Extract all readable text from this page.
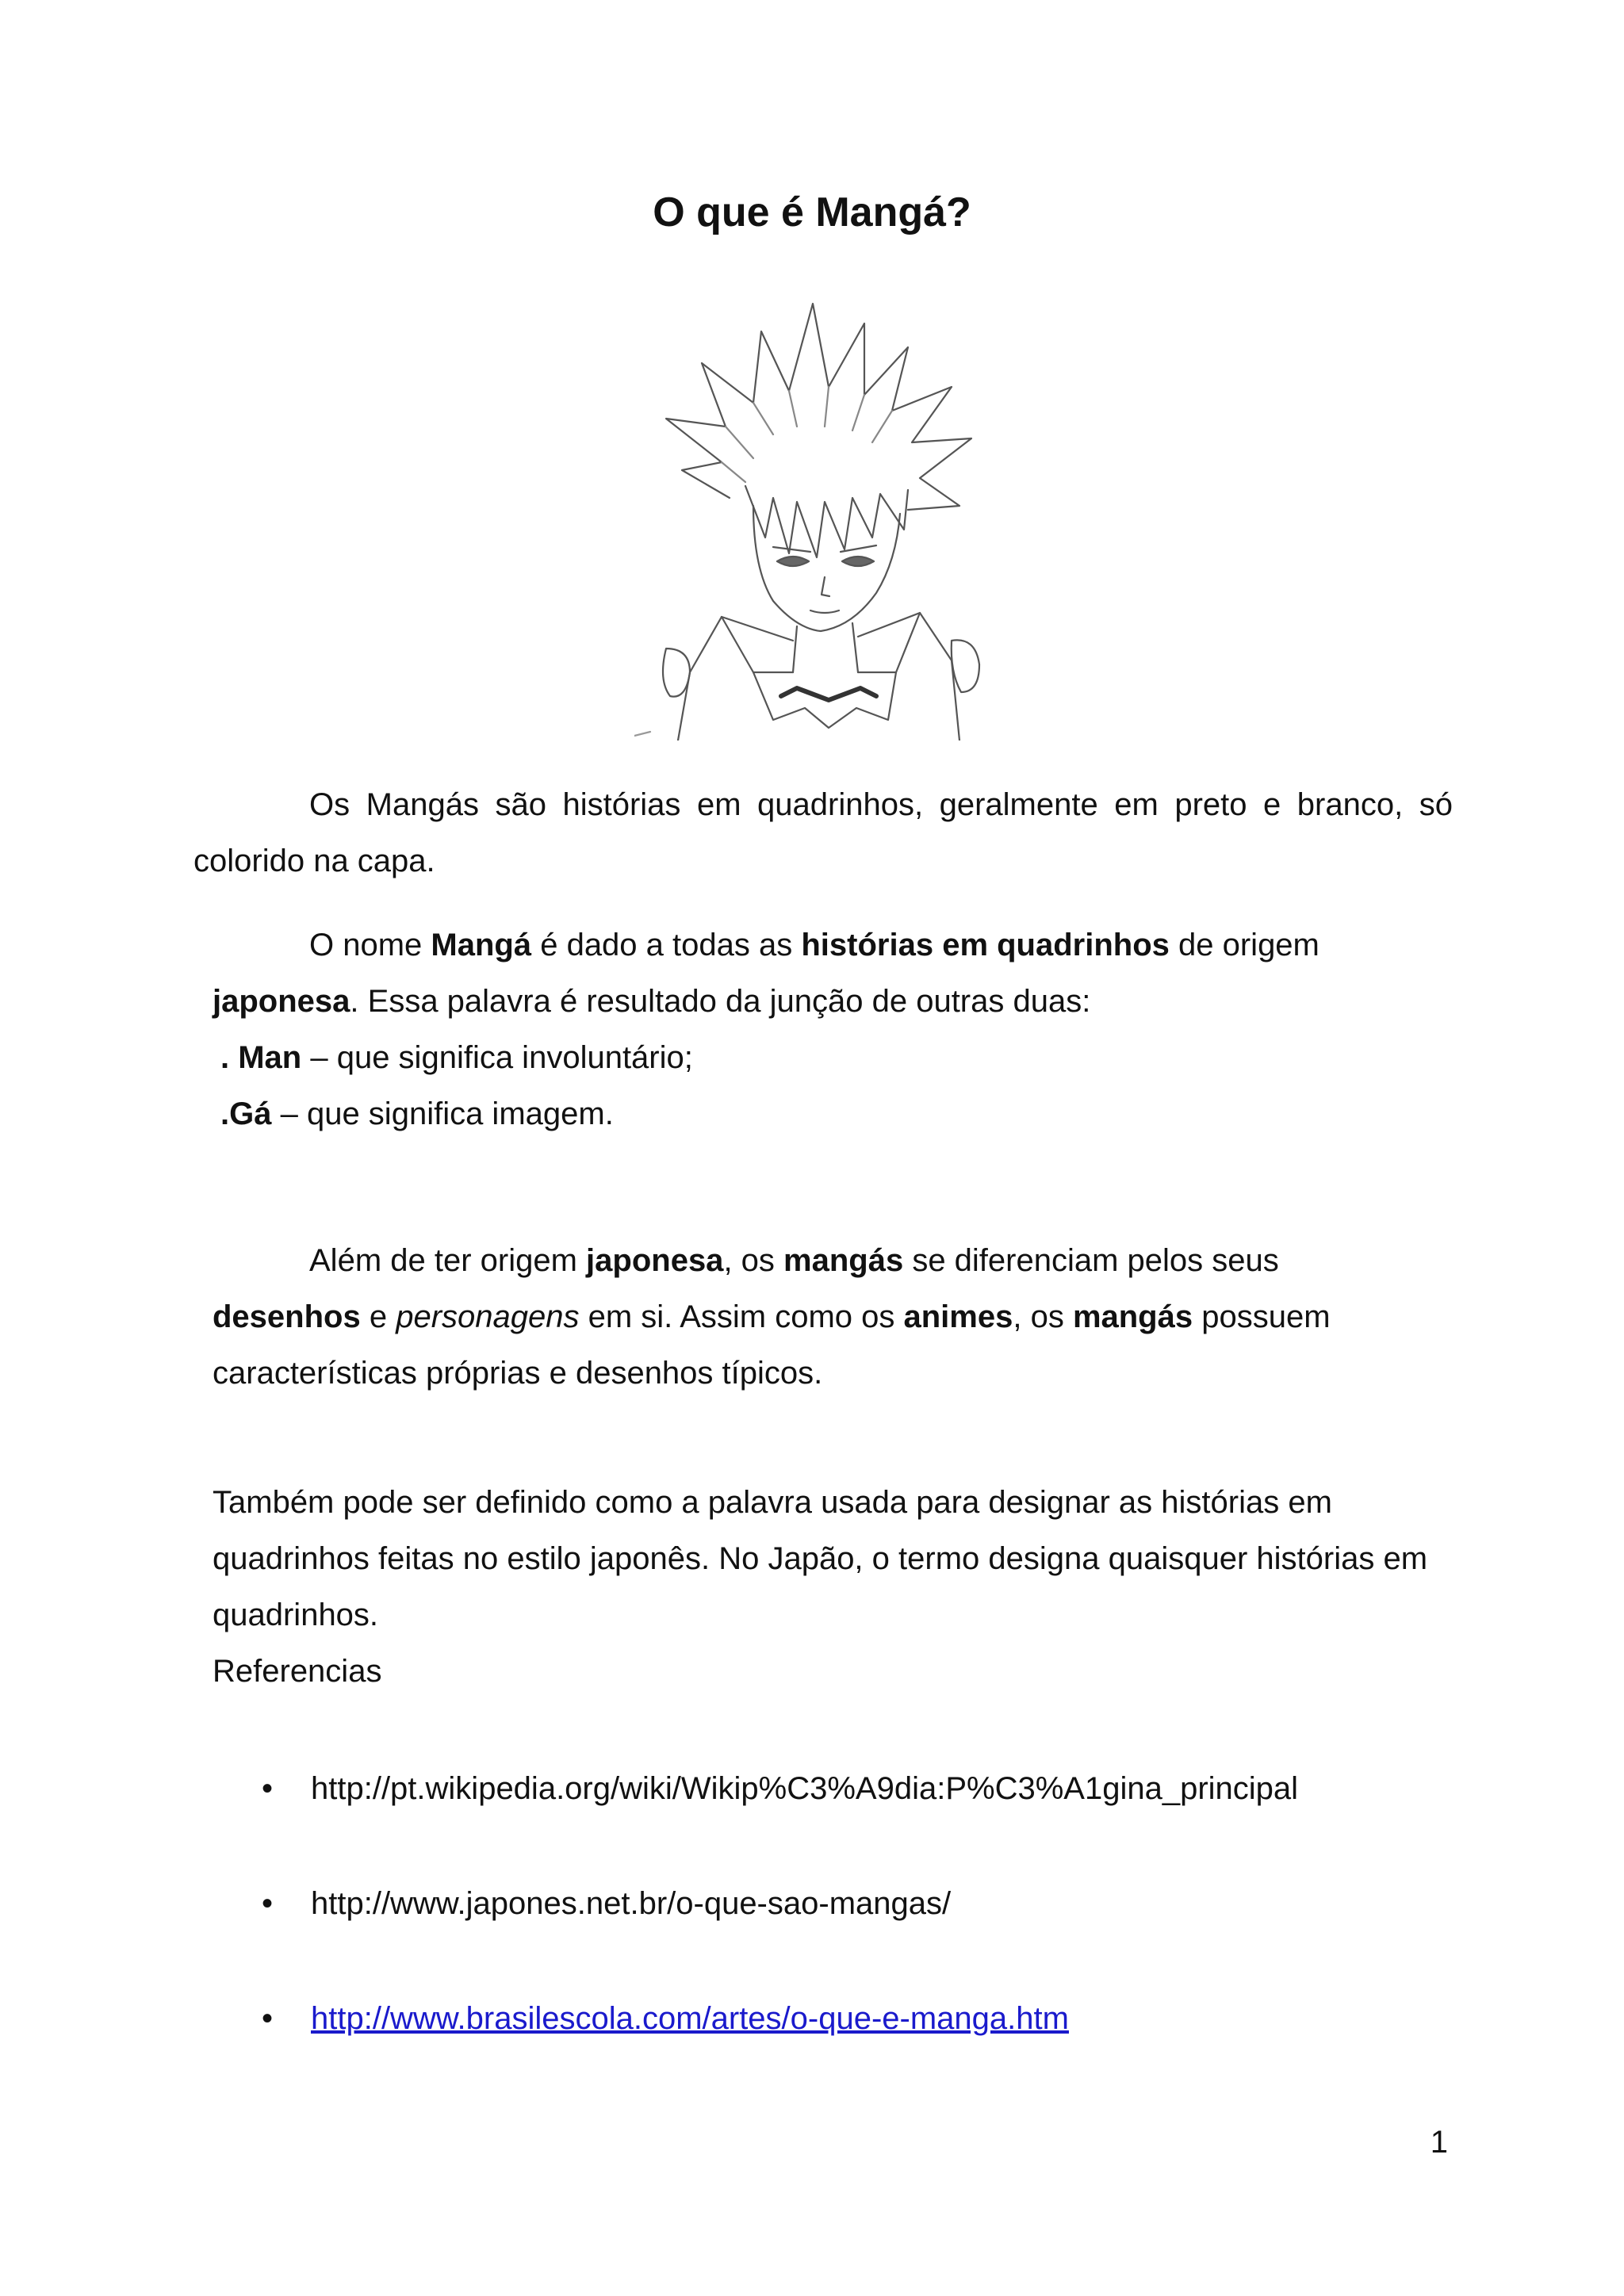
O que é Mangá?

Os Mangás são histórias em quadrinhos, geralmente em preto e branco, só colorido na capa.

O nome Mangá é dado a todas as histórias em quadrinhos de origem
japonesa. Essa palavra é resultado da junção de outras duas:
. Man – que significa involuntário;
.Gá – que significa imagem.

Além de ter origem japonesa, os mangás se diferenciam pelos seus
desenhos e personagens em si. Assim como os animes, os mangás possuem características próprias e desenhos típicos.

Também pode ser definido como a palavra usada para designar as histórias em quadrinhos feitas no estilo japonês. No Japão, o termo designa quaisquer histórias em quadrinhos.
Referencias

• http://pt.wikipedia.org/wiki/Wikip%C3%A9dia:P%C3%A1gina_principal
• http://www.japones.net.br/o-que-sao-mangas/
• http://www.brasilescola.com/artes/o-que-e-manga.htm
1
